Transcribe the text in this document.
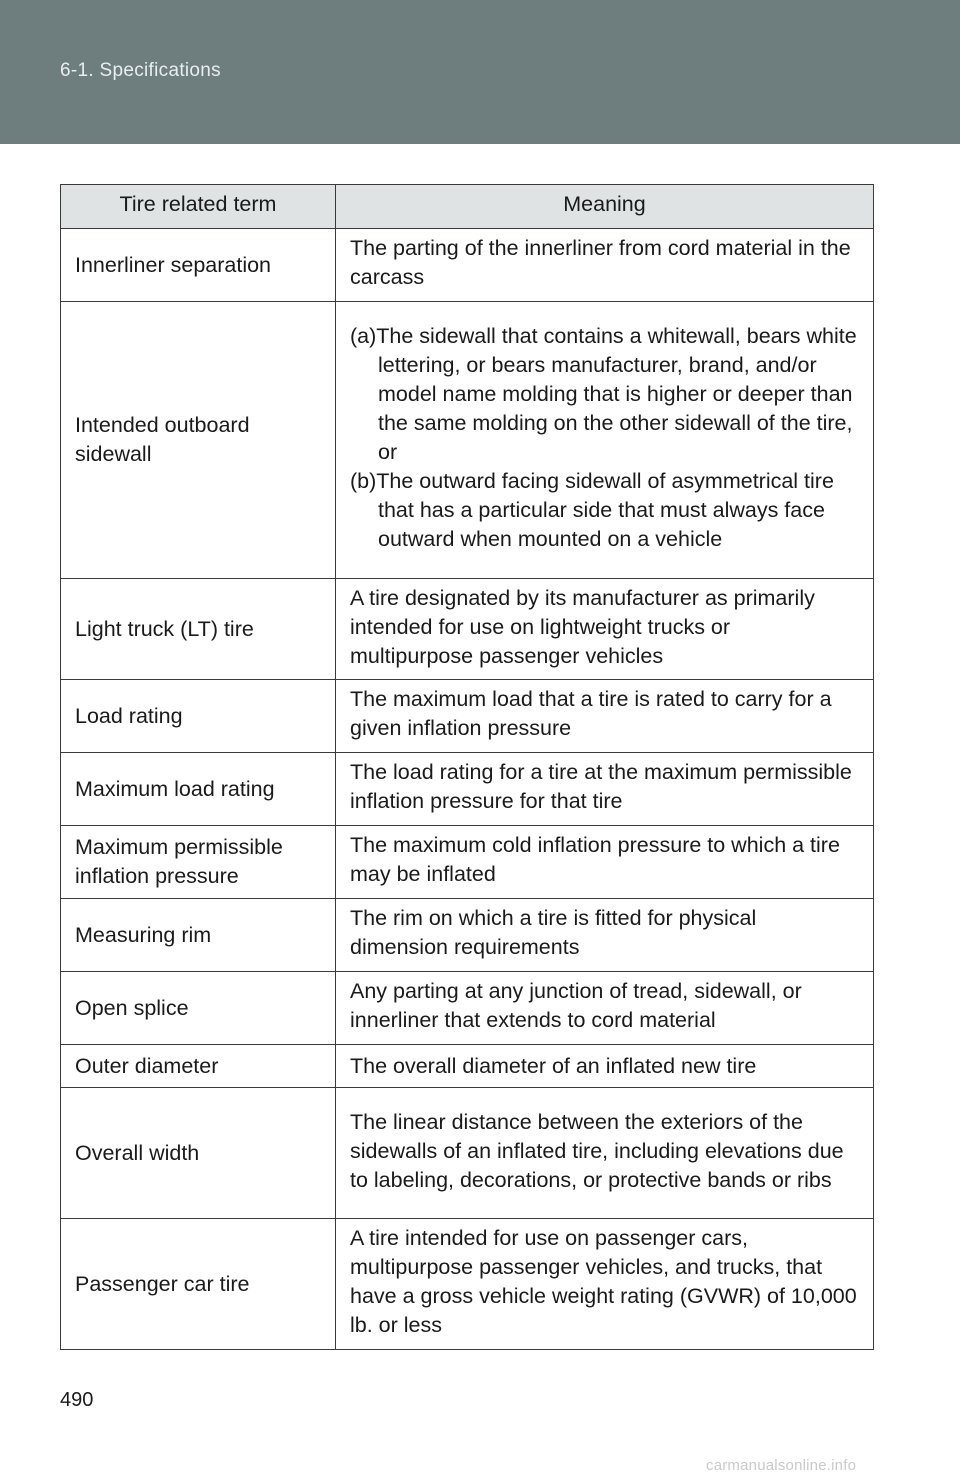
6-1. Specifications
Tire related term	Meaning
Innerliner separation	The parting of the innerliner from cord material in the carcass
Intended outboard sidewall	(a)The sidewall that contains a whitewall, bears white lettering, or bears manufacturer, brand, and/or model name molding that is higher or deeper than the same molding on the other sidewall of the tire, or
(b)The outward facing sidewall of asymmetrical tire that has a particular side that must always face outward when mounted on a vehicle

Light truck (LT) tire	A tire designated by its manufacturer as primarily intended for use on lightweight trucks or multipurpose passenger vehicles
Load rating	The maximum load that a tire is rated to carry for a given inflation pressure
Maximum load rating	The load rating for a tire at the maximum permissible inflation pressure for that tire
Maximum permissible inflation pressure	The maximum cold inflation pressure to which a tire may be inflated
Measuring rim	The rim on which a tire is fitted for physical dimension requirements
Open splice	Any parting at any junction of tread, sidewall, or innerliner that extends to cord material
Outer diameter	The overall diameter of an inflated new tire
Overall width	The linear distance between the exteriors of the sidewalls of an inflated tire, including elevations due to labeling, decorations, or protective bands or ribs
Passenger car tire	A tire intended for use on passenger cars, multipurpose passenger vehicles, and trucks, that have a gross vehicle weight rating (GVWR) of 10,000 lb. or less
490
carmanualsonline.info
